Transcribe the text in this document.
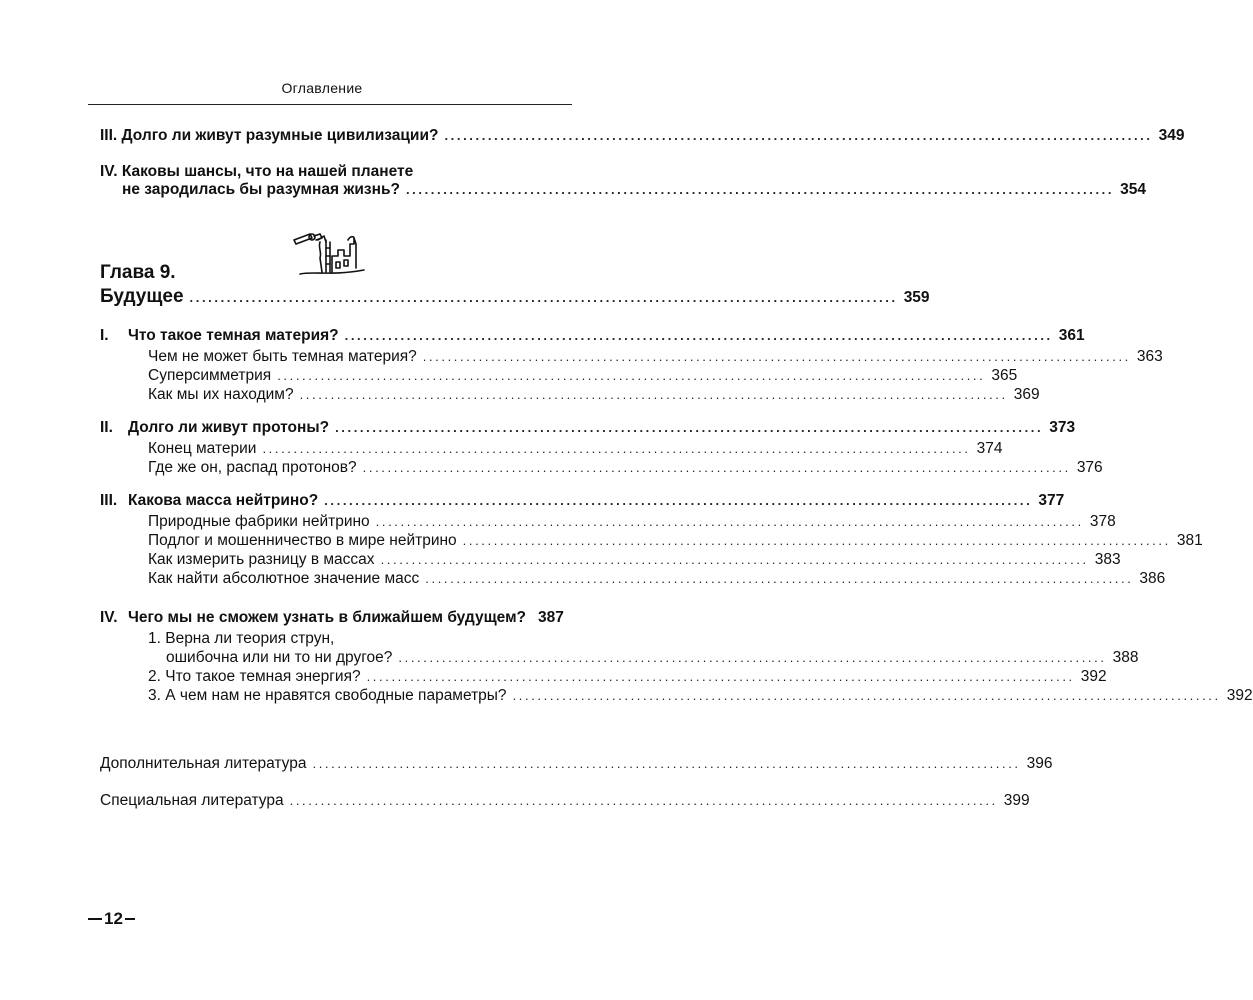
Оглавление
III. Долго ли живут разумные цивилизации? .................................................................................................................. 349
IV. Каковы шансы, что на нашей планете
не зародилась бы разумная жизнь? .................................................................................................................. 354
Глава 9.
Будущее .................................................................................................................. 359
I. Что такое темная материя? .................................................................................................................. 361
Чем не может быть темная материя? .................................................................................................................. 363
Суперсимметрия .................................................................................................................. 365
Как мы их находим? .................................................................................................................. 369
II. Долго ли живут протоны? .................................................................................................................. 373
Конец материи .................................................................................................................. 374
Где же он, распад протонов? .................................................................................................................. 376
III. Какова масса нейтрино? .................................................................................................................. 377
Природные фабрики нейтрино .................................................................................................................. 378
Подлог и мошенничество в мире нейтрино .................................................................................................................. 381
Как измерить разницу в массах .................................................................................................................. 383
Как найти абсолютное значение масс .................................................................................................................. 386
IV. Чего мы не сможем узнать в ближайшем будущем? 387
1. Верна ли теория струн,
ошибочна или ни то ни другое? .................................................................................................................. 388
2. Что такое темная энергия? .................................................................................................................. 392
3. А чем нам не нравятся свободные параметры? .................................................................................................................. 392
Дополнительная литература .................................................................................................................. 396
Специальная литература .................................................................................................................. 399
12
